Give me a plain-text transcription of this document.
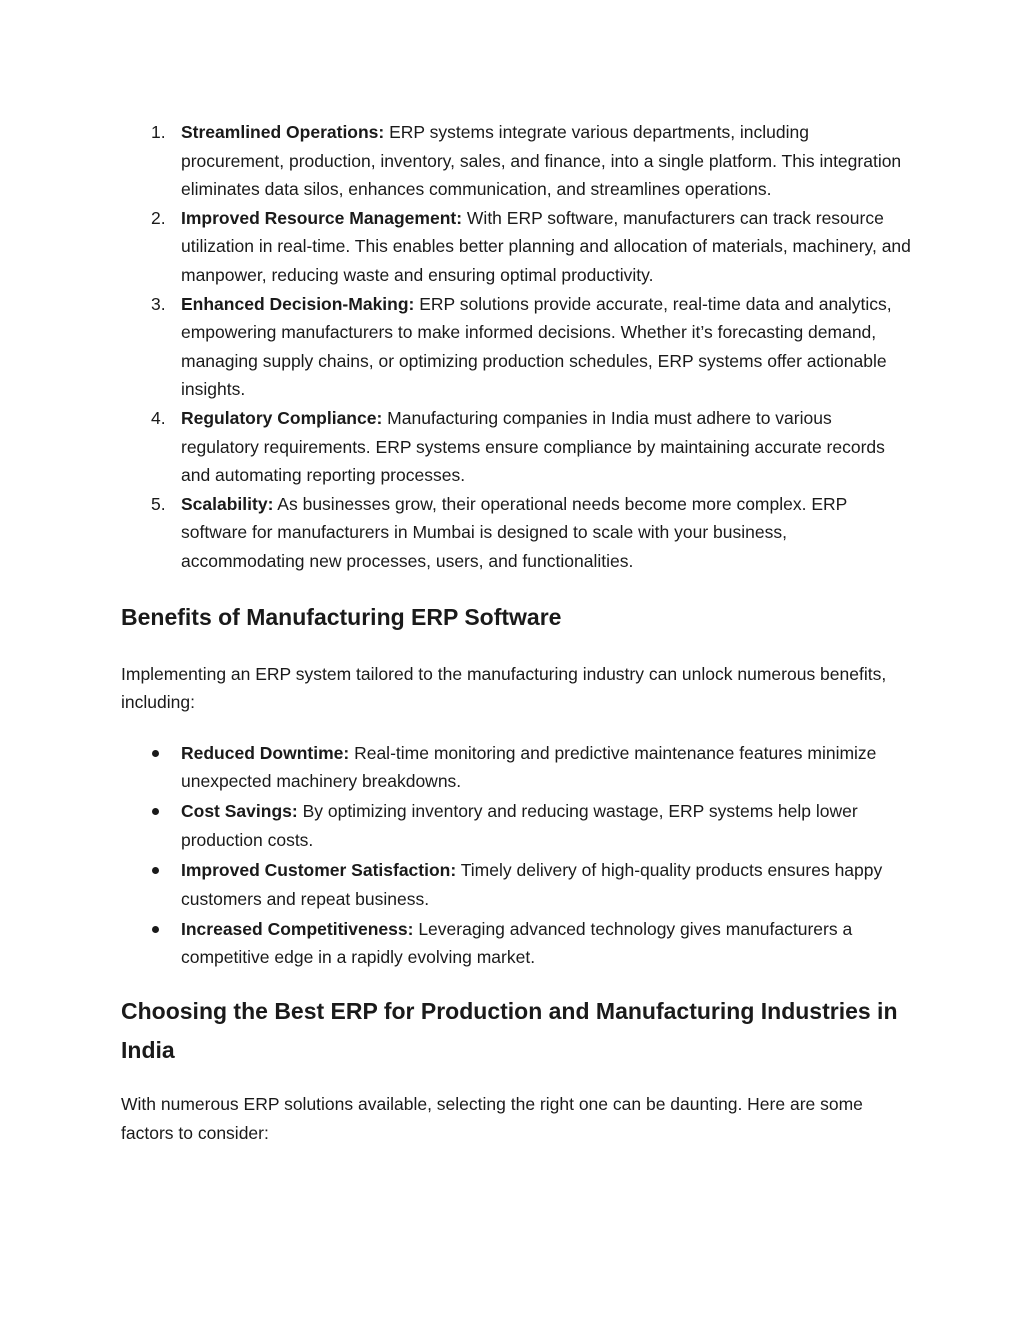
1. Streamlined Operations: ERP systems integrate various departments, including procurement, production, inventory, sales, and finance, into a single platform. This integration eliminates data silos, enhances communication, and streamlines operations.
2. Improved Resource Management: With ERP software, manufacturers can track resource utilization in real-time. This enables better planning and allocation of materials, machinery, and manpower, reducing waste and ensuring optimal productivity.
3. Enhanced Decision-Making: ERP solutions provide accurate, real-time data and analytics, empowering manufacturers to make informed decisions. Whether it’s forecasting demand, managing supply chains, or optimizing production schedules, ERP systems offer actionable insights.
4. Regulatory Compliance: Manufacturing companies in India must adhere to various regulatory requirements. ERP systems ensure compliance by maintaining accurate records and automating reporting processes.
5. Scalability: As businesses grow, their operational needs become more complex. ERP software for manufacturers in Mumbai is designed to scale with your business, accommodating new processes, users, and functionalities.
Benefits of Manufacturing ERP Software

Implementing an ERP system tailored to the manufacturing industry can unlock numerous benefits, including:

Reduced Downtime: Real-time monitoring and predictive maintenance features minimize unexpected machinery breakdowns.
Cost Savings: By optimizing inventory and reducing wastage, ERP systems help lower production costs.
Improved Customer Satisfaction: Timely delivery of high-quality products ensures happy customers and repeat business.
Increased Competitiveness: Leveraging advanced technology gives manufacturers a competitive edge in a rapidly evolving market.
Choosing the Best ERP for Production and Manufacturing Industries in India

With numerous ERP solutions available, selecting the right one can be daunting. Here are some factors to consider:
